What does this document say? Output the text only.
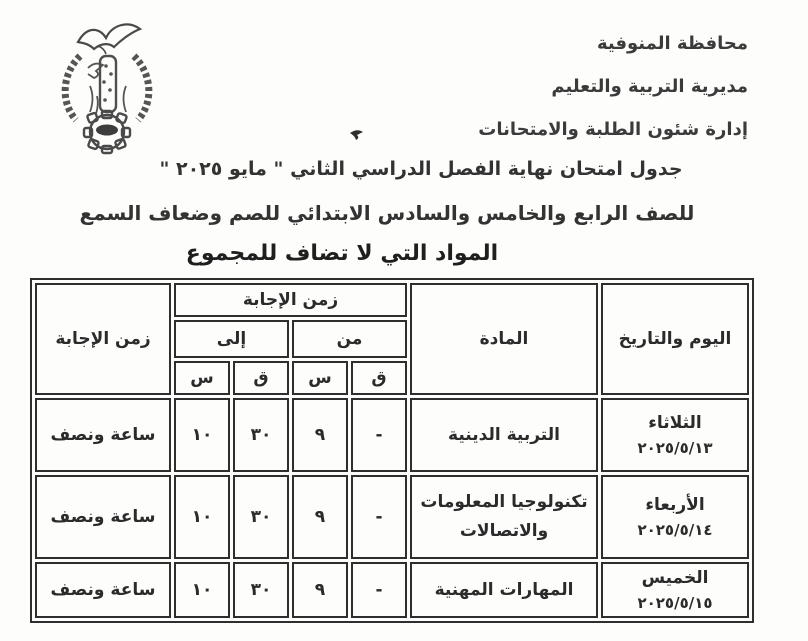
محافظة المنوفية
مديرية التربية والتعليم
إدارة شئون الطلبة والامتحانات
جدول امتحان نهاية الفصل الدراسي الثاني " مايو ٢٠٢٥ "
للصف الرابع والخامس والسادس الابتدائي للصم وضعاف السمع
المواد التي لا تضاف للمجموع
اليوم والتاريخ	المادة	زمن الإجابة				زمن الإجابة
		من		إلى		
		ق	س	ق	س	

الثلاثاء
٢٠٢٥/٥/١٣	التربية الدينية	-	٩	٣٠	١٠	ساعة ونصف

الأربعاء
٢٠٢٥/٥/١٤	تكنولوجيا المعلومات والاتصالات	-	٩	٣٠	١٠	ساعة ونصف

الخميس
٢٠٢٥/٥/١٥	المهارات المهنية	-	٩	٣٠	١٠	ساعة ونصف
